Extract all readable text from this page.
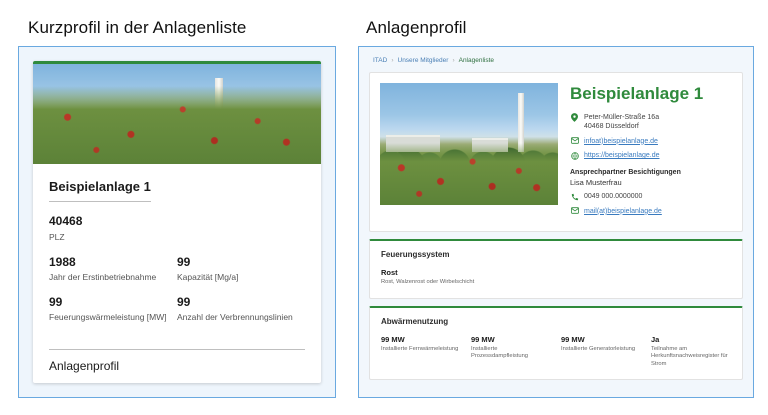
Kurzprofil in der Anlagenliste	Anlagenprofil
Beispielanlage 1
40468
PLZ
1988
Jahr der Erstinbetriebnahme
99
Kapazität [Mg/a]
99
Feuerungswärmeleistung [MW]
99
Anzahl der Verbrennungslinien
Anlagenprofil
ITAD › Unsere Mitglieder › Anlagenliste
Beispielanlage 1
Peter-Müller-Straße 16a
40468 Düsseldorf
infoat)beispielanlage.de
https://beispielanlage.de
Ansprechpartner Besichtigungen
Lisa Musterfrau
0049 000.0000000
mail(at)beispielanlage.de
Feuerungssystem
Rost
Rost, Walzenrost oder Wirbelschicht
Abwärmenutzung
99 MW
Installierte Fernwärmeleistung
99 MW
Installierte Prozessdampfleistung
99 MW
Installierte Generatorleistung
Ja
Teilnahme am Herkunftsnachweisregister für Strom
